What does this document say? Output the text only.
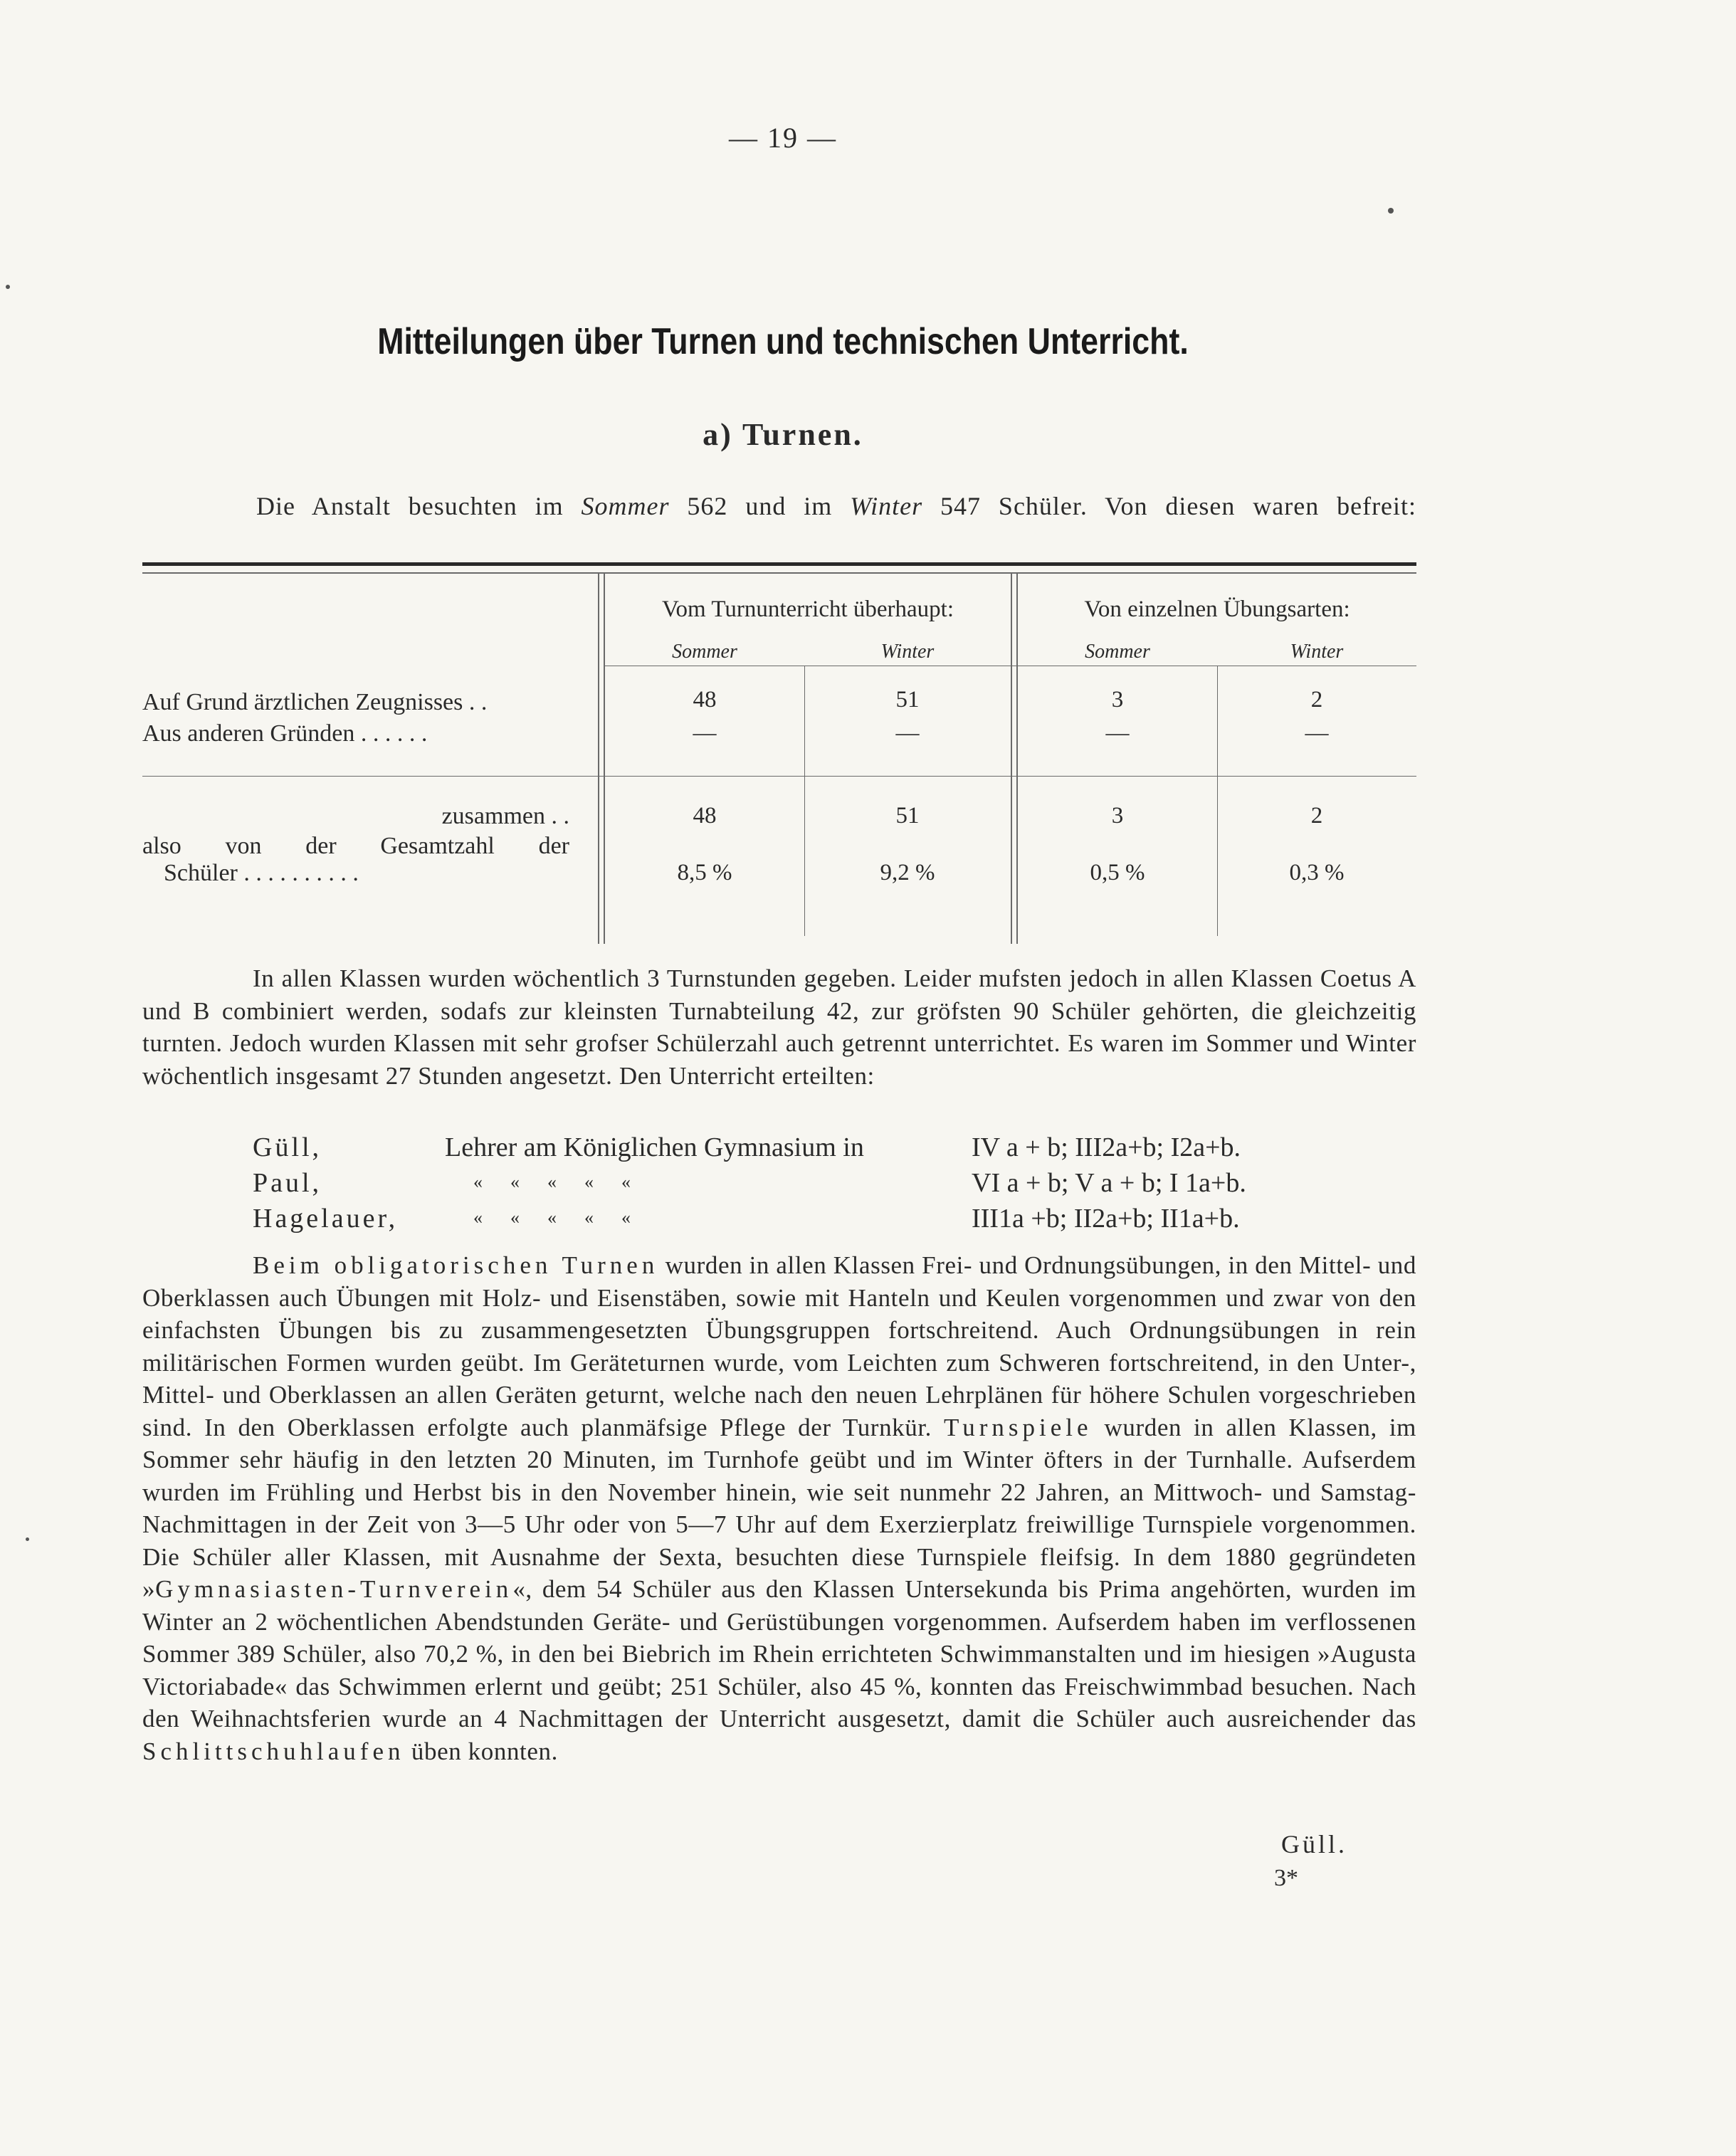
— 19 —
Mitteilungen über Turnen und technischen Unterricht.
a) Turnen.
Die Anstalt besuchten im Sommer 562 und im Winter 547 Schüler. Von diesen waren befreit:
Vom Turnunterricht überhaupt:	Von einzelnen Übungsarten:
Sommer	Winter	Sommer	Winter
Auf Grund ärztlichen Zeugnisses . .	48	51	3	2
Aus anderen Gründen . . . . . .	—	—	—	—
zusammen . .	48	51	3	2
also von der Gesamtzahl der
Schüler . . . . . . . . . .	8,5 %	9,2 %	0,5 %	0,3 %

In allen Klassen wurden wöchentlich 3 Turnstunden gegeben. Leider mufsten jedoch in allen Klassen Coetus A und B combiniert werden, sodafs zur kleinsten Turnabteilung 42, zur gröfsten 90 Schüler gehörten, die gleichzeitig turnten. Jedoch wurden Klassen mit sehr grofser Schülerzahl auch getrennt unterrichtet. Es waren im Sommer und Winter wöchentlich insgesamt 27 Stunden angesetzt. Den Unterricht erteilten:

Güll,	Lehrer am Königlichen Gymnasium in	IV a + b; III2a+b; I2a+b.
Paul,	«      «      «      «      «	VI a + b; V a + b; I 1a+b.
Hagelauer,	«      «      «      «      «	III1a +b; II2a+b; II1a+b.

Beim obligatorischen Turnen wurden in allen Klassen Frei- und Ordnungsübungen, in den Mittel- und Oberklassen auch Übungen mit Holz- und Eisenstäben, sowie mit Hanteln und Keulen vorgenommen und zwar von den einfachsten Übungen bis zu zusammengesetzten Übungsgruppen fortschreitend. Auch Ordnungsübungen in rein militärischen Formen wurden geübt. Im Geräteturnen wurde, vom Leichten zum Schweren fortschreitend, in den Unter-, Mittel- und Oberklassen an allen Geräten geturnt, welche nach den neuen Lehrplänen für höhere Schulen vorgeschrieben sind. In den Oberklassen erfolgte auch planmäfsige Pflege der Turnkür. Turnspiele wurden in allen Klassen, im Sommer sehr häufig in den letzten 20 Minuten, im Turnhofe geübt und im Winter öfters in der Turnhalle. Aufserdem wurden im Frühling und Herbst bis in den November hinein, wie seit nunmehr 22 Jahren, an Mittwoch- und Samstag-Nachmittagen in der Zeit von 3—5 Uhr oder von 5—7 Uhr auf dem Exerzierplatz freiwillige Turnspiele vorgenommen. Die Schüler aller Klassen, mit Ausnahme der Sexta, besuchten diese Turnspiele fleifsig. In dem 1880 gegründeten »Gymnasiasten-Turnverein«, dem 54 Schüler aus den Klassen Untersekunda bis Prima angehörten, wurden im Winter an 2 wöchentlichen Abendstunden Geräte- und Gerüstübungen vorgenommen. Aufserdem haben im verflossenen Sommer 389 Schüler, also 70,2 %, in den bei Biebrich im Rhein errichteten Schwimmanstalten und im hiesigen »Augusta Victoriabade« das Schwimmen erlernt und geübt; 251 Schüler, also 45 %, konnten das Freischwimmbad besuchen. Nach den Weihnachtsferien wurde an 4 Nachmittagen der Unterricht ausgesetzt, damit die Schüler auch ausreichender das Schlittschuhlaufen üben konnten.

Güll.
3*
